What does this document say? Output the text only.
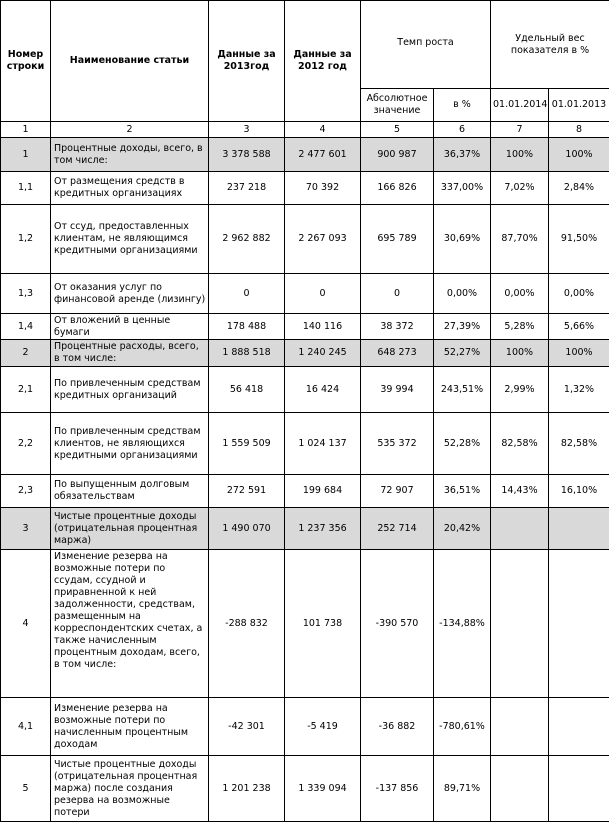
Номер строки	Наименование статьи	Данные за 2013год	Данные за 2012 год	Темп роста		Удельный вес показателя в %	
				Абсолютное значение	в %	01.01.2014	01.01.2013
1	2	3	4	5	6	7	8
1	Процентные доходы, всего, в том числе:	3 378 588	2 477 601	900 987	36,37%	100%	100%
1,1	От размещения средств в кредитных организациях	237 218	70 392	166 826	337,00%	7,02%	2,84%
1,2	От ссуд, предоставленных клиентам, не являющимся кредитными организациями	2 962 882	2 267 093	695 789	30,69%	87,70%	91,50%
1,3	От оказания услуг по финансовой аренде (лизингу)	0	0	0	0,00%	0,00%	0,00%
1,4	От вложений в ценные бумаги	178 488	140 116	38 372	27,39%	5,28%	5,66%
2	Процентные расходы, всего, в том числе:	1 888 518	1 240 245	648 273	52,27%	100%	100%
2,1	По привлеченным средствам кредитных организаций	56 418	16 424	39 994	243,51%	2,99%	1,32%
2,2	По привлеченным средствам клиентов, не являющихся кредитными организациями	1 559 509	1 024 137	535 372	52,28%	82,58%	82,58%
2,3	По выпущенным долговым обязательствам	272 591	199 684	72 907	36,51%	14,43%	16,10%
3	Чистые процентные доходы (отрицательная процентная маржа)	1 490 070	1 237 356	252 714	20,42%		
4	Изменение резерва на возможные потери по ссудам, ссудной и приравненной к ней задолженности, средствам, размещенным на корреспондентских счетах, а также начисленным процентным доходам, всего, в том числе:	-288 832	101 738	-390 570	-134,88%		
4,1	Изменение резерва на возможные потери по начисленным процентным доходам	-42 301	-5 419	-36 882	-780,61%		
5	Чистые процентные доходы (отрицательная процентная маржа) после создания резерва на возможные потери	1 201 238	1 339 094	-137 856	89,71%		
